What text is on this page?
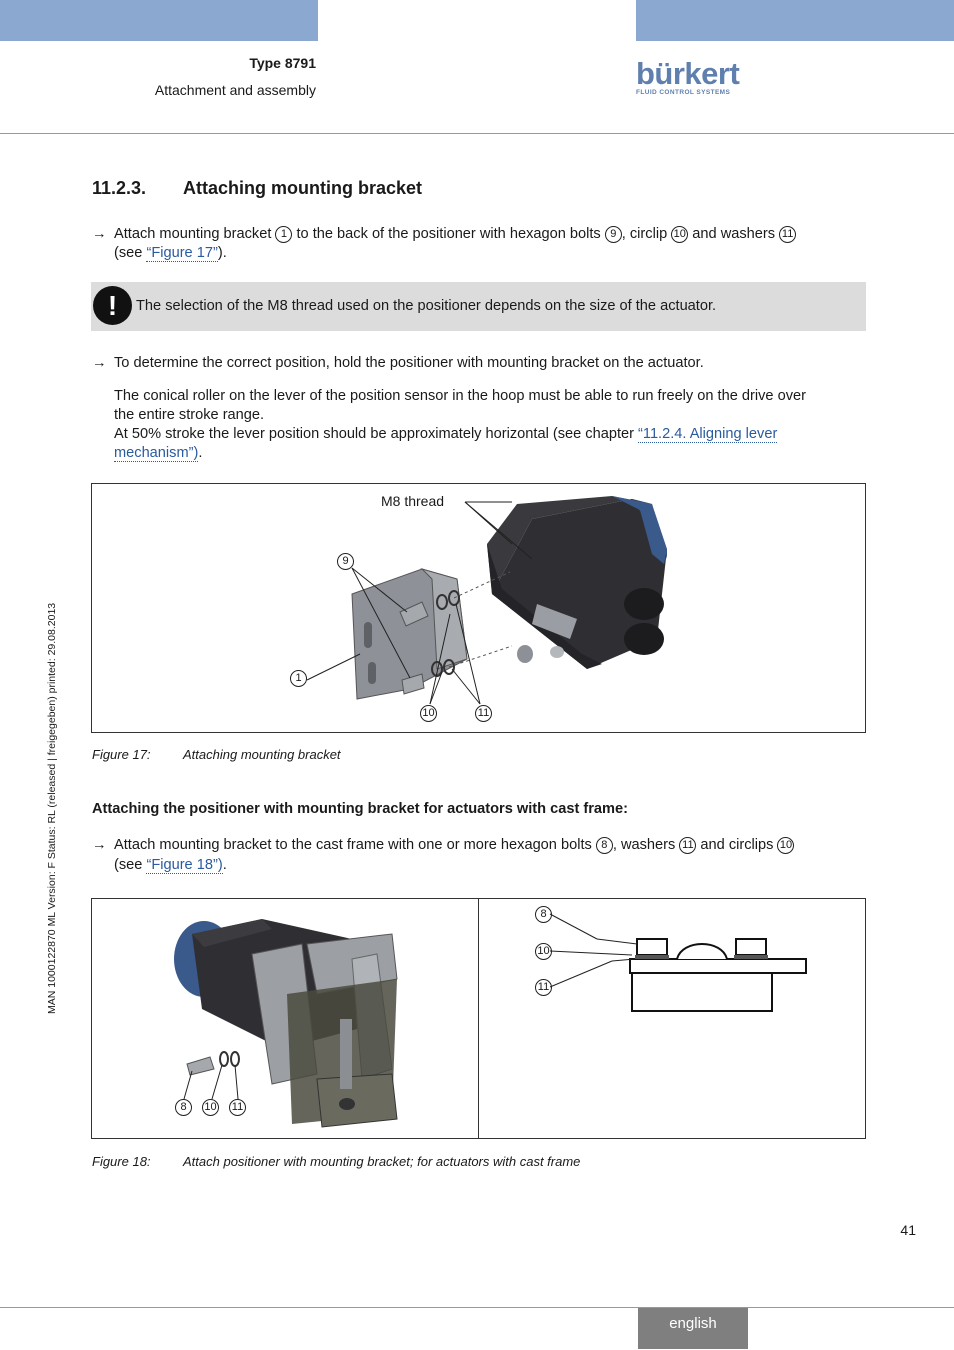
Type 8791
Attachment and assembly	bürkert
FLUID CONTROL SYSTEMS
MAN 1000122870 ML Version: F Status: RL (released | freigegeben) printed: 29.08.2013
11.2.3. Attaching mounting bracket
→ Attach mounting bracket 1 to the back of the positioner with hexagon bolts 9 , circlip 10 and washers 11
(see “Figure 17”).
!	The selection of the M8 thread used on the positioner depends on the size of the actuator.
→ To determine the correct position, hold the positioner with mounting bracket on the actuator.
The conical roller on the lever of the position sensor in the hoop must be able to run freely on the drive over
the entire stroke range.
At 50% stroke the lever position should be approximately horizontal (see chapter “11.2.4. Aligning lever
mechanism”).
M8 thread
9
1
10	11
Figure 17: Attaching mounting bracket
Attaching the positioner with mounting bracket for actuators with cast frame:
→ Attach mounting bracket to the cast frame with one or more hexagon bolts 8 , washers 11 and circlips 10
(see “Figure 18”).
8	10 11
8
10
11
Figure 18: Attach positioner with mounting bracket; for actuators with cast frame
41
english
